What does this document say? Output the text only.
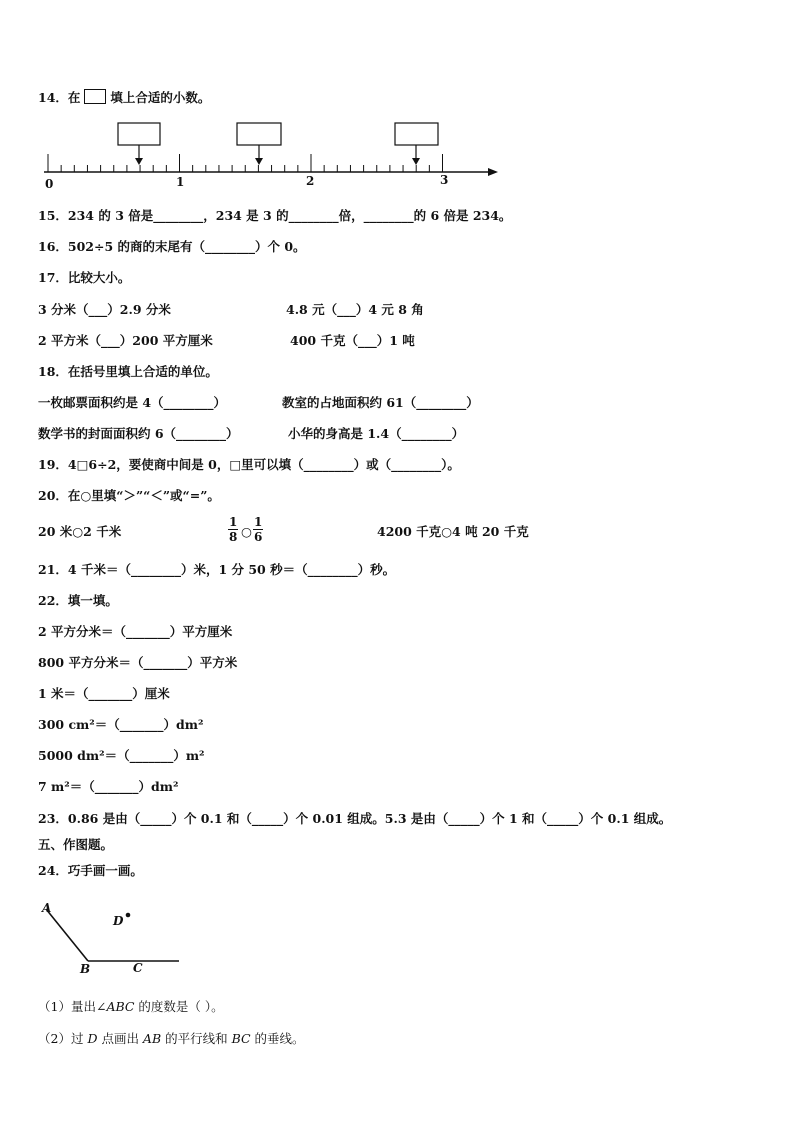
14．在 填上合适的小数。
0	1	2	3
15．234 的 3 倍是________，234 是 3 的________倍，________的 6 倍是 234。
16．502÷5 的商的末尾有（________）个 0。
17．比较大小。
3 分米（___）2.9 分米	4.8 元（___）4 元 8 角
2 平方米（___）200 平方厘米	400 千克（___）1 吨
18．在括号里填上合适的单位。
一枚邮票面积约是 4（________）	教室的占地面积约 61（________）
数学书的封面面积约 6（________）	小华的身高是 1.4（________）
19．4□6÷2，要使商中间是 0，□里可以填（________）或（________）。
20．在○里填“＞”“＜”或“=”。
20 米○2 千米	$\frac{1}{8}$ ○ $\frac{1}{6}$	4200 千克○4 吨 20 千克
21．4 千米＝（________）米，1 分 50 秒＝（________）秒。
22．填一填。
2 平方分米＝（_______）平方厘米
800 平方分米＝（_______）平方米
1 米＝（_______）厘米
300 cm²＝（_______）dm²
5000 dm²＝（_______）m²
7 m²＝（_______）dm²
23．0.86 是由（_____）个 0.1 和（_____）个 0.01 组成。5.3 是由（_____）个 1 和（_____）个 0.1 组成。
五、作图题。
24．巧手画一画。
A
B	C
D
（1）量出∠ABC 的度数是（ ）。
（2）过 D 点画出 AB 的平行线和 BC 的垂线。
